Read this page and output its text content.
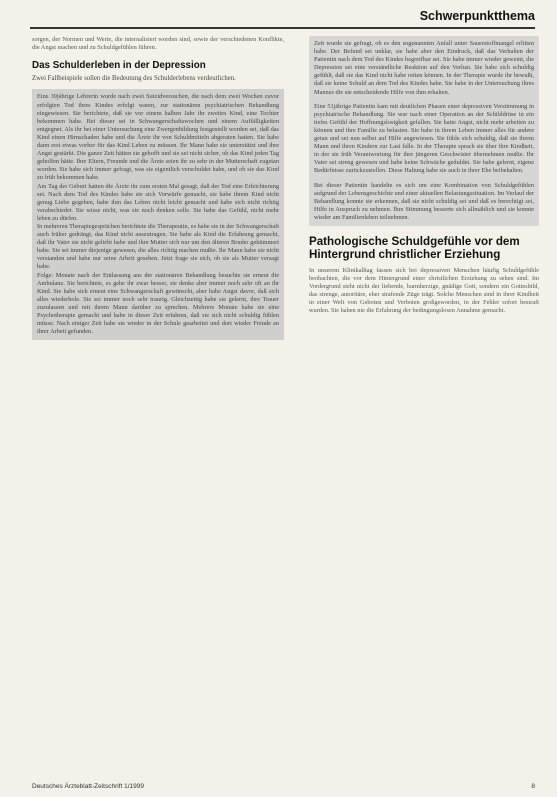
Schwerpunktthema

sorgen, der Normen und Werte, die internalisiert worden sind, sowie der verschiedenen Konflikte, die Angst machen und zu Schuldgefühlen führen.

Das Schulderleben in der Depression

Zwei Fallbeispiele sollen die Bedeutung des Schulderlebens verdeutlichen.

Eine 39jährige Lehrerin wurde nach zwei Suizidversuchen, die nach dem zwei Wochen zuvor erfolgten Tod ihres Kindes erfolgt waren, zur stationären psychiatrischen Behandlung eingewiesen. Sie berichtete, daß sie vor einem halben Jahr ihr zweites Kind, eine Tochter bekommen habe. Bei dieser sei in Schwangerschaftswochen und einem Auffälligkeiten entgegnet. Als ihr bei einer Untersuchung eine Zwergenbildung festgestellt worden sei, daß das Kind einen Hirnschaden habe und die Ärzte ihr von Schuldmitteln abgeraten hatten. Sie habe dann erst etwas vorher für das Kind Leben zu müssen. Ihr Mann habe sie unterstützt und ihre Angst gestärkt. Die ganze Zeit hätten sie gehofft und sie sei nicht sicher, ob das Kind jeden Tag geholfen hätte. Ihre Eltern, Freunde und die Ärzte seien ihr zu sehr in der Mutterschaft zugetan worden. Sie habe sich immer gefragt, was sie eigentlich verschuldet habe, und ob sie das Kind zu früh bekommen habe.

Am Tag der Geburt hatten die Ärzte ihr zum ersten Mal gesagt, daß der Tod eine Erleichterung sei. Nach dem Tod des Kindes habe sie sich Vorwürfe gemacht, sie habe ihrem Kind nicht genug Liebe gegeben, habe ihm das Leben nicht leicht gemacht und habe sich nicht richtig verabschiedet. Sie wisse nicht, was sie noch denken solle. Sie habe das Gefühl, nicht mehr leben zu dürfen.

In mehreren Therapiegesprächen berichtete die Therapeutin, es habe sie in der Schwangerschaft auch früher gedrängt, das Kind nicht auszutragen. Sie habe als Kind die Erfahrung gemacht, daß ihr Vater sie nicht geliebt habe und ihre Mutter sich nur um den älteren Bruder gekümmert habe. Sie sei immer diejenige gewesen, die alles richtig machen mußte. Ihr Mann habe sie nicht verstanden und habe nur seine Arbeit gesehen. Jetzt frage sie sich, ob sie als Mutter versagt habe.

Folge: Monate nach der Entlassung aus der stationären Behandlung besuchte sie erneut die Ambulanz. Sie berichtete, es gehe ihr zwar besser, sie denke aber immer noch sehr oft an ihr Kind. Sie habe sich erneut eine Schwangerschaft gewünscht, aber habe Angst davor, daß sich alles wiederhole. Sie sei immer noch sehr traurig. Gleichzeitig habe sie gelernt, ihre Trauer zuzulassen und mit ihrem Mann darüber zu sprechen. Mehrere Monate habe sie eine Psychotherapie gemacht und habe in dieser Zeit erfahren, daß sie sich nicht schuldig fühlen müsse. Nach einiger Zeit habe sie wieder in der Schule gearbeitet und dort wieder Freude an ihrer Arbeit gefunden.

Zeit wurde sie gefragt, ob es den sogenannten Anfall unter Sauerstoffmangel erlitten habe. Der Befund sei unklar, sie habe aber den Eindruck, daß das Verhalten der Patientin nach dem Tod des Kindes begreifbar sei. Sie habe immer wieder geweint, die Depression sei eine verständliche Reaktion auf den Verlust. Sie habe sich schuldig gefühlt, daß sie das Kind nicht habe retten können. In der Therapie wurde ihr bewußt, daß sie keine Schuld an dem Tod des Kindes habe. Sie habe in der Untersuchung ihres Mannes die sie entscheidende Hilfe von ihm erhalten.

Eine 51jährige Patientin kam mit deutlichen Phasen einer depressiven Verstimmung in psychiatrische Behandlung. Sie war nach einer Operation an der Schilddrüse in ein tiefes Gefühl der Hoffnungslosigkeit gefallen. Sie hatte Angst, nicht mehr arbeiten zu können und ihre Familie zu belasten. Sie habe in ihrem Leben immer alles für andere getan und sei nun selbst auf Hilfe angewiesen. Sie fühle sich schuldig, daß sie ihrem Mann und ihren Kindern zur Last falle. In der Therapie sprach sie über ihre Kindheit, in der sie früh Verantwortung für ihre jüngeren Geschwister übernehmen mußte. Ihr Vater sei streng gewesen und habe keine Schwäche geduldet. Sie habe gelernt, eigene Bedürfnisse zurückzustellen. Diese Haltung habe sie auch in ihrer Ehe beibehalten.

Bei dieser Patientin handelte es sich um eine Kombination von Schuldgefühlen aufgrund der Lebensgeschichte und einer aktuellen Belastungssituation. Im Verlauf der Behandlung konnte sie erkennen, daß sie nicht schuldig sei und daß es berechtigt sei, Hilfe in Anspruch zu nehmen. Ihre Stimmung besserte sich allmählich und sie konnte wieder am Familienleben teilnehmen.

Pathologische Schuldgefühle vor dem Hintergrund christlicher Erziehung

In unserem Klinikalltag fassen sich bei depressiven Menschen häufig Schuldgefühle beobachten, die vor dem Hintergrund einer christlichen Erziehung zu sehen sind. Im Vordergrund steht nicht der liebende, barmherzige, gnädige Gott, sondern ein Gottesbild, das strenge, autoritäre, eher strafende Züge trägt. Solche Menschen sind in ihrer Kindheit in einer Welt von Geboten und Verboten großgeworden, in der Fehler sofort bestraft wurden. Sie haben nie die Erfahrung der bedingungslosen Annahme gemacht.

Deutsches Ärzteblatt-Zeitschrift 1/1999	8
